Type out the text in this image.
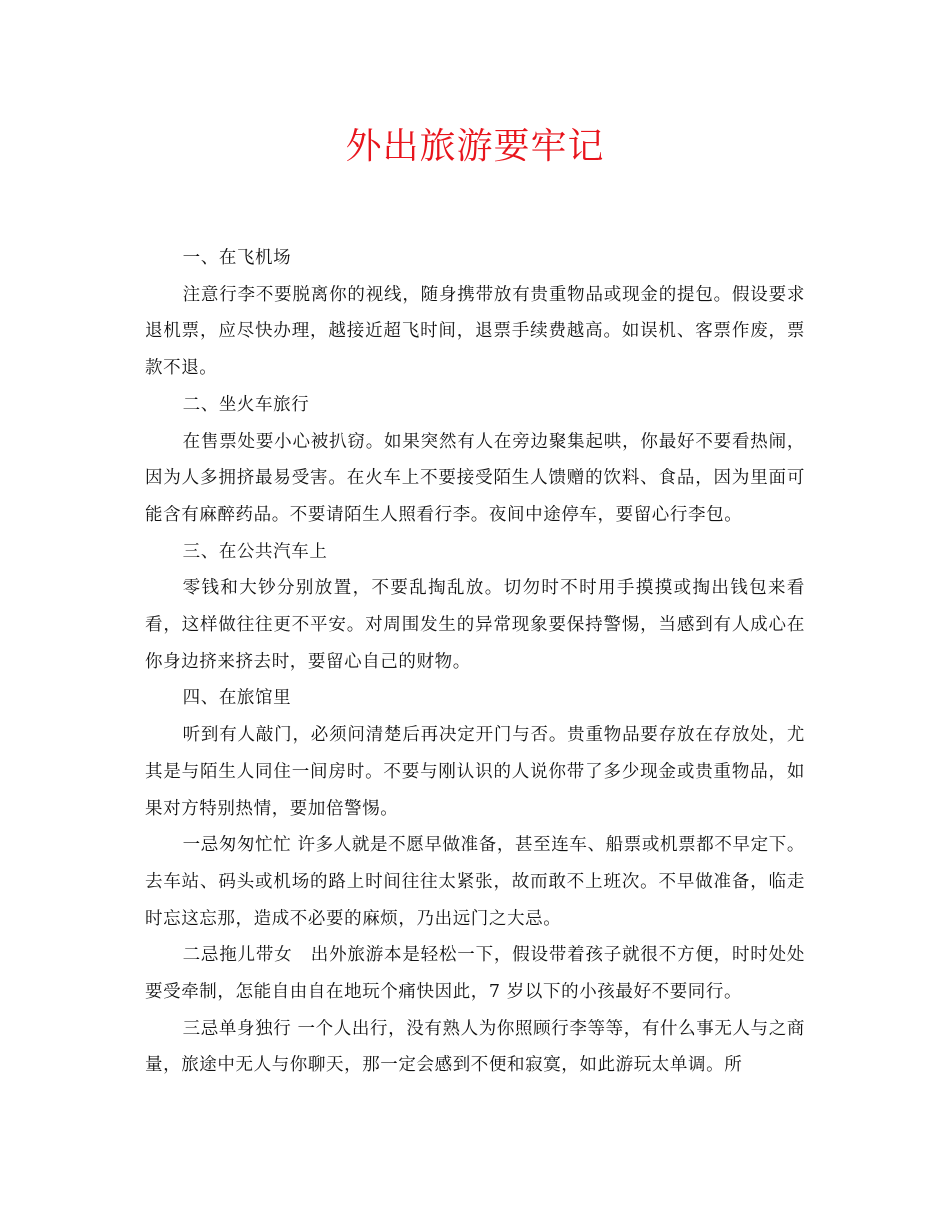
外出旅游要牢记

一、在飞机场

注意行李不要脱离你的视线，随身携带放有贵重物品或现金的提包。假设要求退机票，应尽快办理，越接近超飞时间，退票手续费越高。如误机、客票作废，票款不退。

二、坐火车旅行

在售票处要小心被扒窃。如果突然有人在旁边聚集起哄，你最好不要看热闹，因为人多拥挤最易受害。在火车上不要接受陌生人馈赠的饮料、食品，因为里面可能含有麻醉药品。不要请陌生人照看行李。夜间中途停车，要留心行李包。

三、在公共汽车上

零钱和大钞分别放置，不要乱掏乱放。切勿时不时用手摸摸或掏出钱包来看看，这样做往往更不平安。对周围发生的异常现象要保持警惕，当感到有人成心在你身边挤来挤去时，要留心自己的财物。

四、在旅馆里

听到有人敲门，必须问清楚后再决定开门与否。贵重物品要存放在存放处，尤其是与陌生人同住一间房时。不要与刚认识的人说你带了多少现金或贵重物品，如果对方特别热情，要加倍警惕。

一忌匆匆忙忙 许多人就是不愿早做准备，甚至连车、船票或机票都不早定下。去车站、码头或机场的路上时间往往太紧张，故而敢不上班次。不早做准备，临走时忘这忘那，造成不必要的麻烦，乃出远门之大忌。

二忌拖儿带女　出外旅游本是轻松一下，假设带着孩子就很不方便，时时处处要受牵制，怎能自由自在地玩个痛快因此，7 岁以下的小孩最好不要同行。

三忌单身独行 一个人出行，没有熟人为你照顾行李等等，有什么事无人与之商量，旅途中无人与你聊天，那一定会感到不便和寂寞，如此游玩太单调。所
